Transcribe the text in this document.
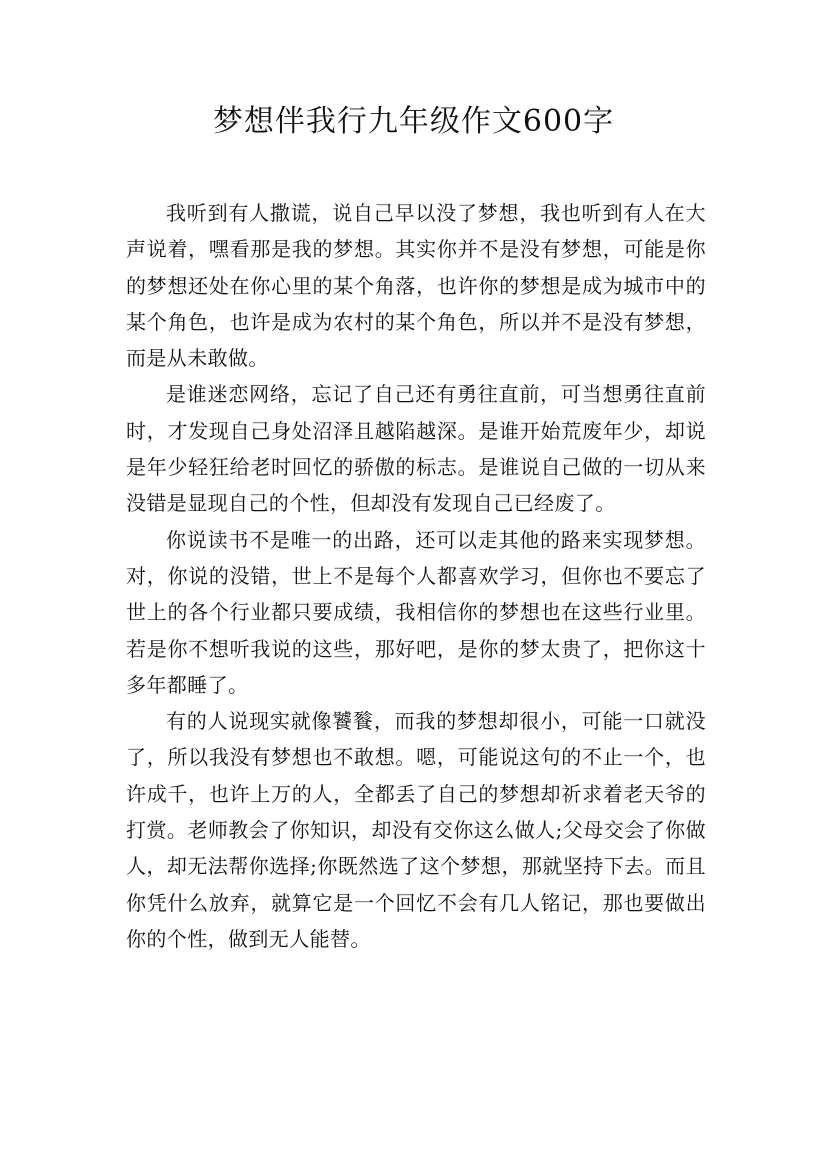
梦想伴我行九年级作文600字

我听到有人撒谎，说自己早以没了梦想，我也听到有人在大声说着，嘿看那是我的梦想。其实你并不是没有梦想，可能是你的梦想还处在你心里的某个角落，也许你的梦想是成为城市中的某个角色，也许是成为农村的某个角色，所以并不是没有梦想，而是从未敢做。

是谁迷恋网络，忘记了自己还有勇往直前，可当想勇往直前时，才发现自己身处沼泽且越陷越深。是谁开始荒废年少，却说是年少轻狂给老时回忆的骄傲的标志。是谁说自己做的一切从来没错是显现自己的个性，但却没有发现自己已经废了。

你说读书不是唯一的出路，还可以走其他的路来实现梦想。对，你说的没错，世上不是每个人都喜欢学习，但你也不要忘了世上的各个行业都只要成绩，我相信你的梦想也在这些行业里。若是你不想听我说的这些，那好吧，是你的梦太贵了，把你这十多年都睡了。

有的人说现实就像饕餮，而我的梦想却很小，可能一口就没了，所以我没有梦想也不敢想。嗯，可能说这句的不止一个，也许成千，也许上万的人，全都丢了自己的梦想却祈求着老天爷的打赏。老师教会了你知识，却没有交你这么做人;父母交会了你做人，却无法帮你选择;你既然选了这个梦想，那就坚持下去。而且你凭什么放弃，就算它是一个回忆不会有几人铭记，那也要做出你的个性，做到无人能替。
